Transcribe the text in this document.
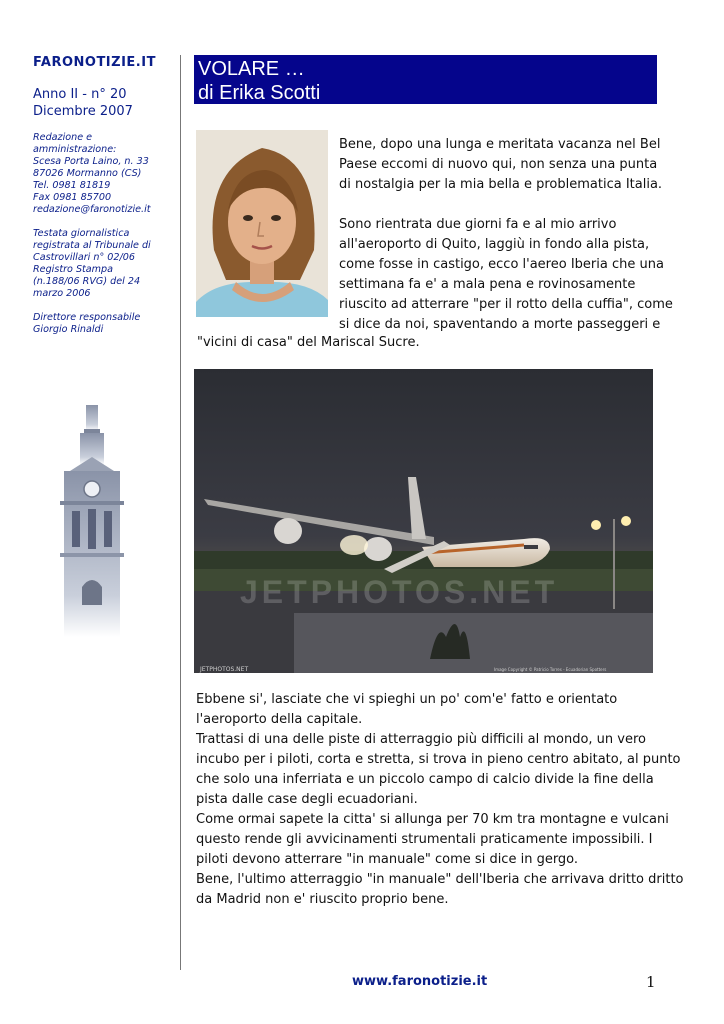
FARONOTIZIE.IT
Anno II - n° 20
Dicembre 2007
Redazione e
amministrazione:
Scesa Porta Laino, n. 33
87026 Mormanno (CS)
Tel. 0981 81819
Fax 0981 85700
redazione@faronotizie.it
Testata giornalistica
registrata al Tribunale di
Castrovillari n° 02/06
Registro Stampa
(n.188/06 RVG) del 24
marzo 2006
Direttore responsabile
Giorgio Rinaldi
VOLARE …
di Erika Scotti

Bene, dopo una lunga e meritata vacanza nel Bel
Paese eccomi di nuovo qui, non senza una punta
di nostalgia per la mia bella e problematica Italia.

Sono rientrata due giorni fa e al mio arrivo
all'aeroporto di Quito, laggiù in fondo alla pista,
come fosse in castigo, ecco l'aereo Iberia che una
settimana fa e' a mala pena e rovinosamente
riuscito ad atterrare "per il rotto della cuffia", come
si dice da noi, spaventando a morte passeggeri e

"vicini di casa" del Mariscal Sucre.
JETPHOTOS.NET
JETPHOTOS.NET	Image Copyright © Patricio Torres - Ecuadorian Spotters
Ebbene si', lasciate che vi spieghi un po' com'e' fatto e orientato
l'aeroporto della capitale.
Trattasi di una delle piste di atterraggio più difficili al mondo, un vero
incubo per i piloti, corta e stretta, si trova in pieno centro abitato, al punto
che solo una inferriata e un piccolo campo di calcio divide la fine della
pista dalle case degli ecuadoriani.
Come ormai sapete la citta' si allunga per 70 km tra montagne e vulcani
questo rende gli avvicinamenti strumentali praticamente impossibili. I
piloti devono atterrare "in manuale" come si dice in gergo.
Bene, l'ultimo atterraggio "in manuale" dell'Iberia che arrivava dritto dritto
da Madrid non e' riuscito proprio bene.
www.faronotizie.it	1
